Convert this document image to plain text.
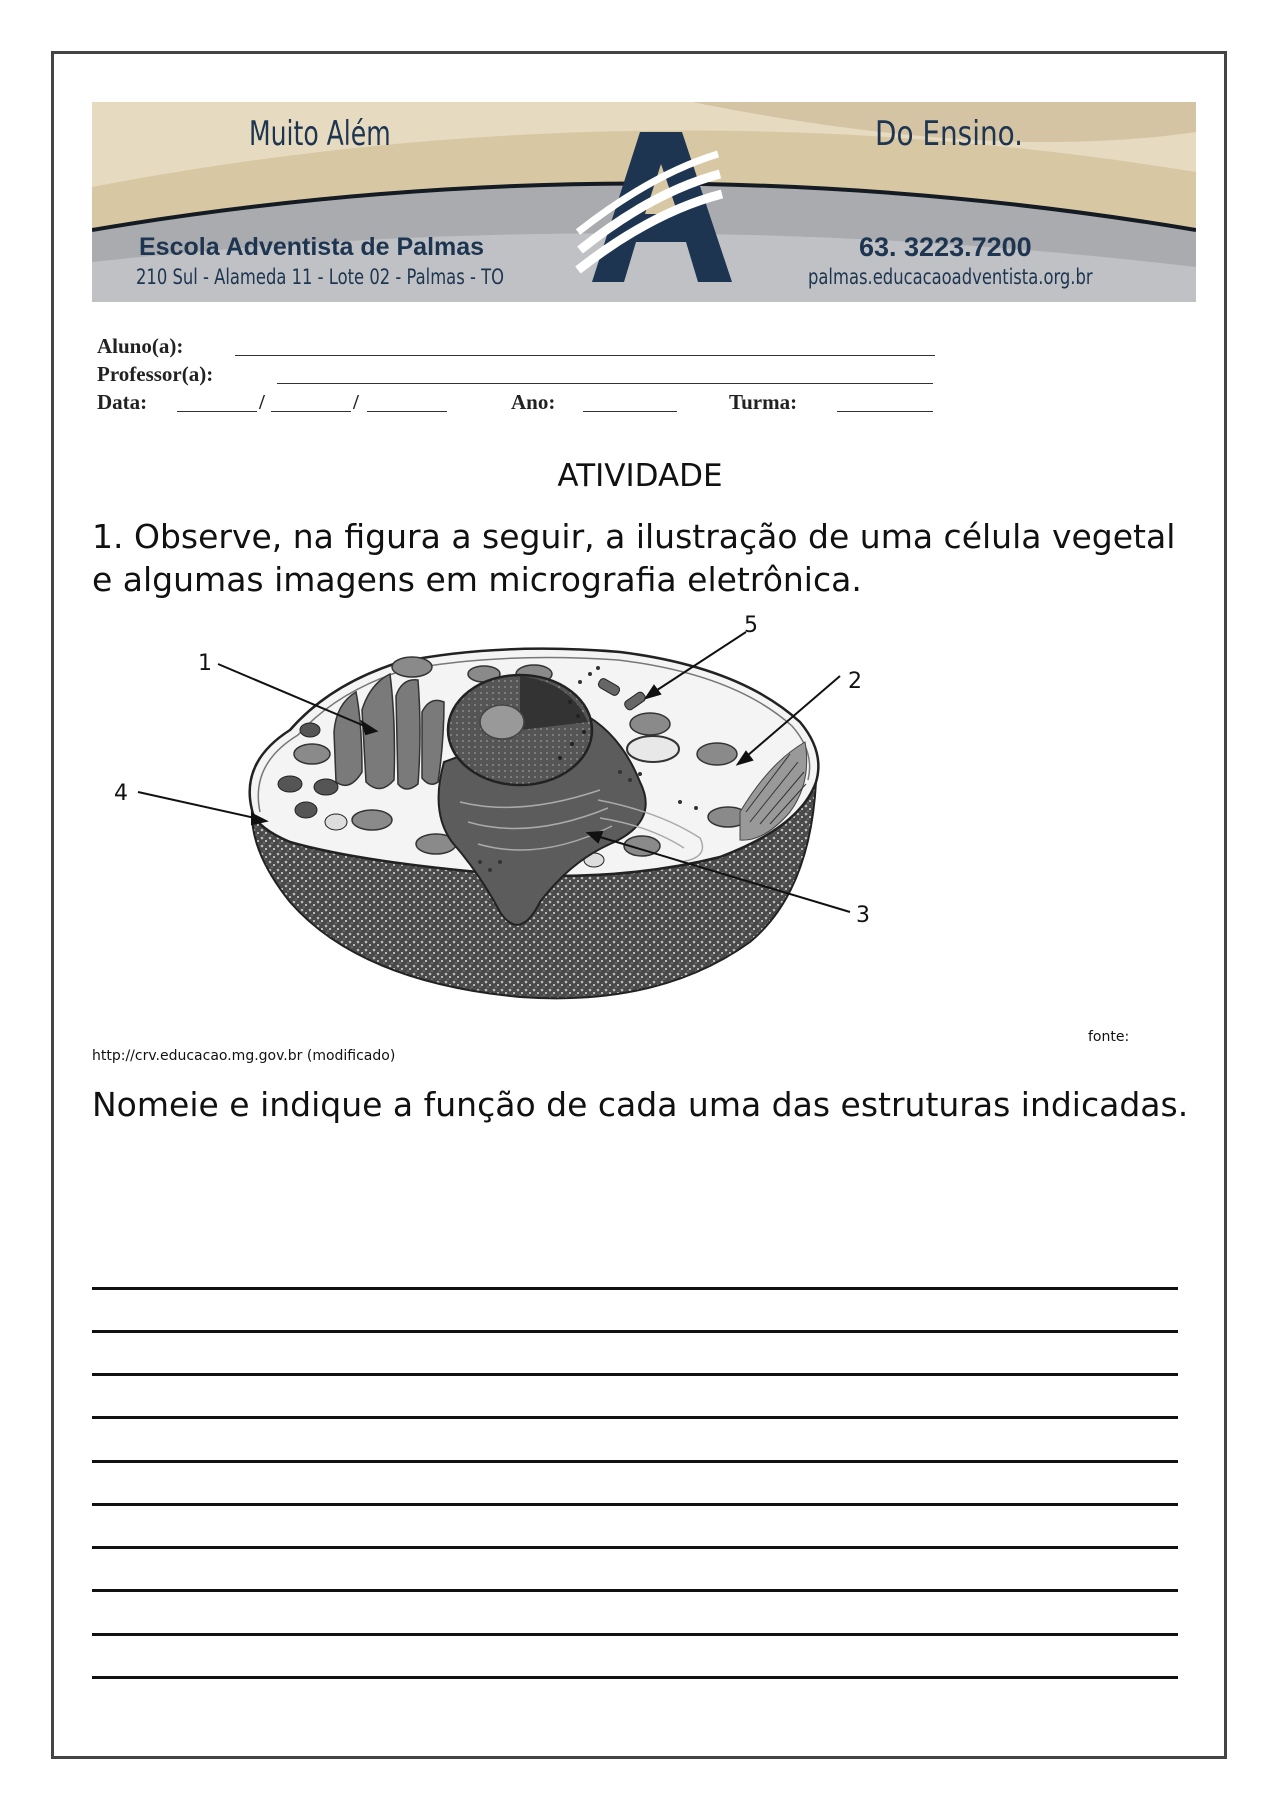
Muito Além	Do Ensino.
Escola Adventista de Palmas
210 Sul - Alameda 11 - Lote 02 - Palmas - TO
63. 3223.7200
palmas.educacaoadventista.org.br
Aluno(a):
Professor(a):
Data:	/	/	Ano:	Turma:
ATIVIDADE
1. Observe, na figura a seguir, a ilustração de uma célula vegetal e algumas imagens em micrografia eletrônica.
1
2
3
4
5
fonte:
http://crv.educacao.mg.gov.br (modificado)
Nomeie e indique a função de cada uma das estruturas indicadas.
